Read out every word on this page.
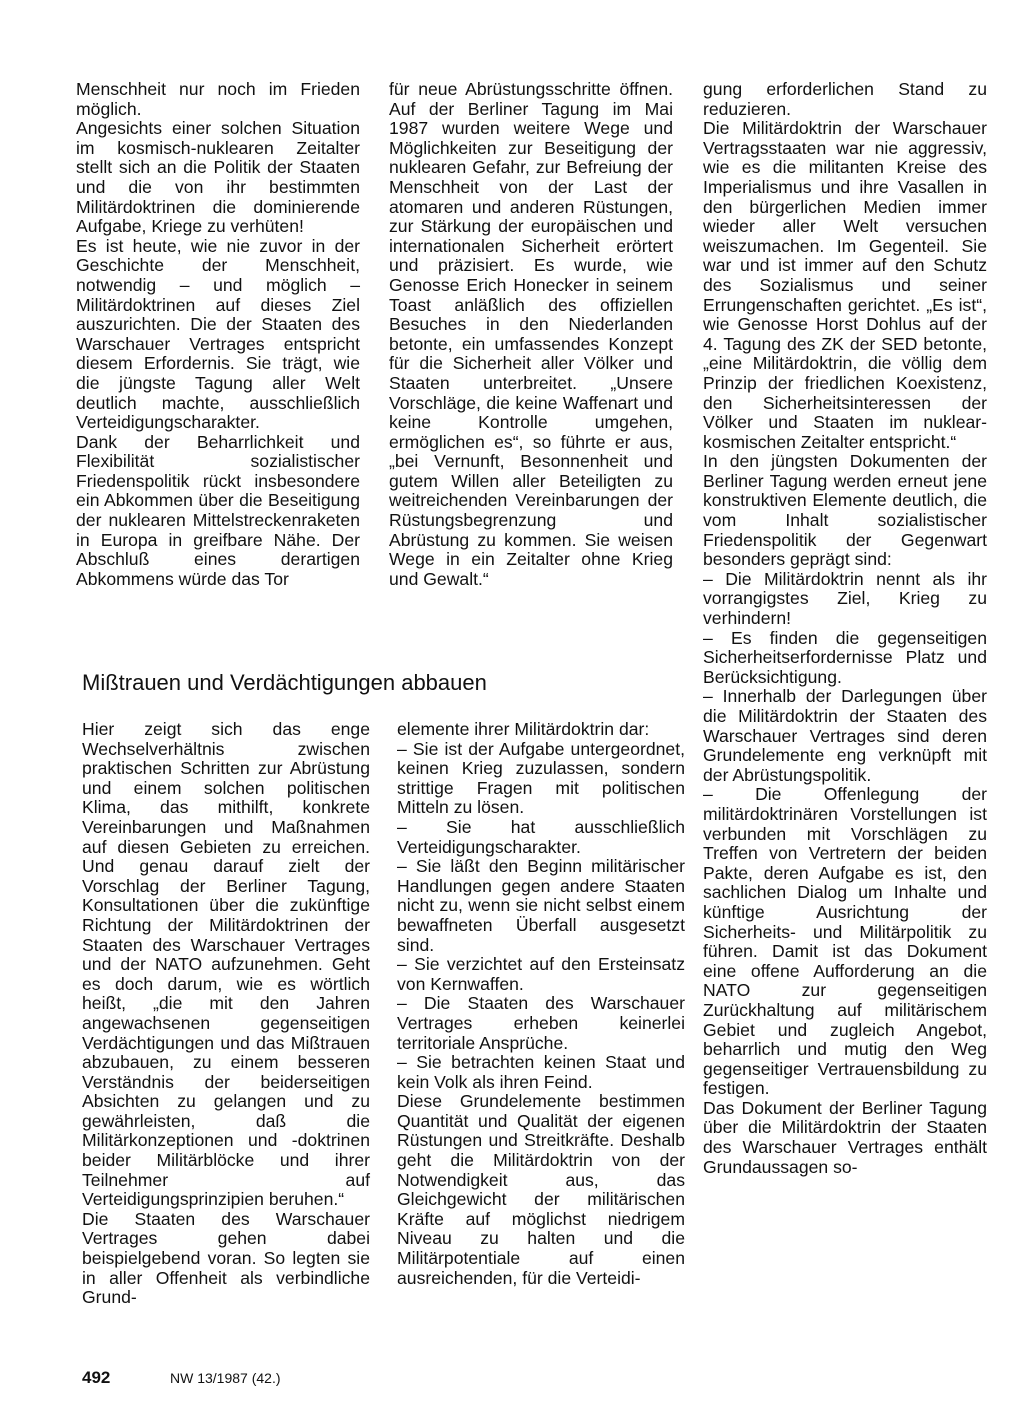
Menschheit nur noch im Frieden möglich.

Angesichts einer solchen Situation im kosmisch-nuklearen Zeitalter stellt sich an die Politik der Staaten und die von ihr bestimmten Militärdoktrinen die dominierende Aufgabe, Kriege zu verhüten!

Es ist heute, wie nie zuvor in der Geschichte der Menschheit, notwendig – und möglich – Militärdoktrinen auf dieses Ziel auszurichten. Die der Staaten des Warschauer Vertrages entspricht diesem Erfordernis. Sie trägt, wie die jüngste Tagung aller Welt deutlich machte, ausschließlich Verteidigungscharakter.

Dank der Beharrlichkeit und Flexibilität sozialistischer Friedenspolitik rückt insbesondere ein Abkommen über die Beseitigung der nuklearen Mittelstreckenraketen in Europa in greifbare Nähe. Der Abschluß eines derartigen Abkommens würde das Tor

für neue Abrüstungsschritte öffnen. Auf der Berliner Tagung im Mai 1987 wurden weitere Wege und Möglichkeiten zur Beseitigung der nuklearen Gefahr, zur Befreiung der Menschheit von der Last der atomaren und anderen Rüstungen, zur Stärkung der europäischen und internationalen Sicherheit erörtert und präzisiert. Es wurde, wie Genosse Erich Honecker in seinem Toast anläßlich des offiziellen Besuches in den Niederlanden betonte, ein umfassendes Konzept für die Sicherheit aller Völker und Staaten unterbreitet. „Unsere Vorschläge, die keine Waffenart und keine Kontrolle umgehen, ermöglichen es“, so führte er aus, „bei Vernunft, Besonnenheit und gutem Willen aller Beteiligten zu weitreichenden Vereinbarungen der Rüstungsbegrenzung und Abrüstung zu kommen. Sie weisen Wege in ein Zeitalter ohne Krieg und Gewalt.“

gung erforderlichen Stand zu reduzieren.

Die Militärdoktrin der Warschauer Vertragsstaaten war nie aggressiv, wie es die militanten Kreise des Imperialismus und ihre Vasallen in den bürgerlichen Medien immer wieder aller Welt versuchen weiszumachen. Im Gegenteil. Sie war und ist immer auf den Schutz des Sozialismus und seiner Errungenschaften gerichtet. „Es ist“, wie Genosse Horst Dohlus auf der 4. Tagung des ZK der SED betonte, „eine Militärdoktrin, die völlig dem Prinzip der friedlichen Koexistenz, den Sicherheitsinteressen der Völker und Staaten im nuklear-kosmischen Zeitalter entspricht.“

In den jüngsten Dokumenten der Berliner Tagung werden erneut jene konstruktiven Elemente deutlich, die vom Inhalt sozialistischer Friedenspolitik der Gegenwart besonders geprägt sind:

– Die Militärdoktrin nennt als ihr vorrangigstes Ziel, Krieg zu verhindern!

– Es finden die gegenseitigen Sicherheitserfordernisse Platz und Berücksichtigung.

– Innerhalb der Darlegungen über die Militärdoktrin der Staaten des Warschauer Vertrages sind deren Grundelemente eng verknüpft mit der Abrüstungspolitik.

– Die Offenlegung der militärdoktrinären Vorstellungen ist verbunden mit Vorschlägen zu Treffen von Vertretern der beiden Pakte, deren Aufgabe es ist, den sachlichen Dialog um Inhalte und künftige Ausrichtung der Sicherheits- und Militärpolitik zu führen. Damit ist das Dokument eine offene Aufforderung an die NATO zur gegenseitigen Zurückhaltung auf militärischem Gebiet und zugleich Angebot, beharrlich und mutig den Weg gegenseitiger Vertrauensbildung zu festigen.

Das Dokument der Berliner Tagung über die Militärdoktrin der Staaten des Warschauer Vertrages enthält Grundaussagen so-

Mißtrauen und Verdächtigungen abbauen

Hier zeigt sich das enge Wechselverhältnis zwischen praktischen Schritten zur Abrüstung und einem solchen politischen Klima, das mithilft, konkrete Vereinbarungen und Maßnahmen auf diesen Gebieten zu erreichen. Und genau darauf zielt der Vorschlag der Berliner Tagung, Konsultationen über die zukünftige Richtung der Militärdoktrinen der Staaten des Warschauer Vertrages und der NATO aufzunehmen. Geht es doch darum, wie es wörtlich heißt, „die mit den Jahren angewachsenen gegenseitigen Verdächtigungen und das Mißtrauen abzubauen, zu einem besseren Verständnis der beiderseitigen Absichten zu gelangen und zu gewährleisten, daß die Militärkonzeptionen und -doktrinen beider Militärblöcke und ihrer Teilnehmer auf Verteidigungsprinzipien beruhen.“

Die Staaten des Warschauer Vertrages gehen dabei beispielgebend voran. So legten sie in aller Offenheit als verbindliche Grund-

elemente ihrer Militärdoktrin dar:

– Sie ist der Aufgabe untergeordnet, keinen Krieg zuzulassen, sondern strittige Fragen mit politischen Mitteln zu lösen.

– Sie hat ausschließlich Verteidigungscharakter.

– Sie läßt den Beginn militärischer Handlungen gegen andere Staaten nicht zu, wenn sie nicht selbst einem bewaffneten Überfall ausgesetzt sind.

– Sie verzichtet auf den Ersteinsatz von Kernwaffen.

– Die Staaten des Warschauer Vertrages erheben keinerlei territoriale Ansprüche.

– Sie betrachten keinen Staat und kein Volk als ihren Feind.

Diese Grundelemente bestimmen Quantität und Qualität der eigenen Rüstungen und Streitkräfte. Deshalb geht die Militärdoktrin von der Notwendigkeit aus, das Gleichgewicht der militärischen Kräfte auf möglichst niedrigem Niveau zu halten und die Militärpotentiale auf einen ausreichenden, für die Verteidi-

492	NW 13/1987 (42.)
